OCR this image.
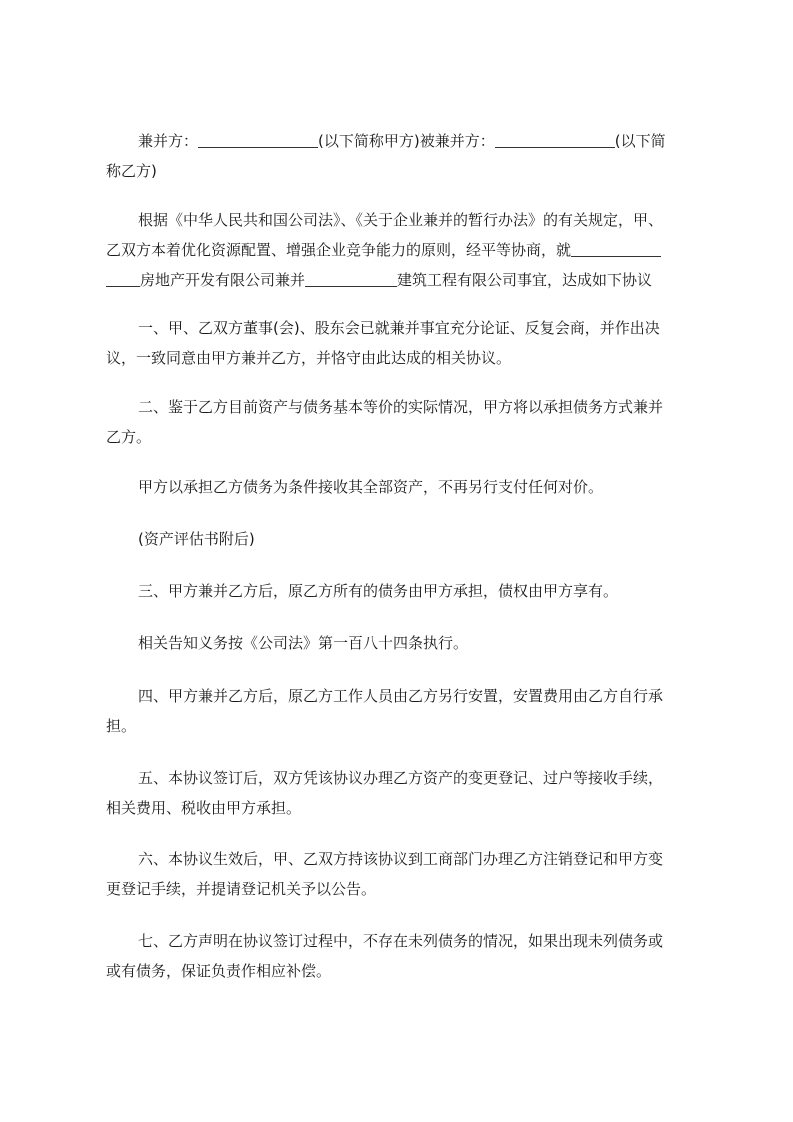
兼并方：	(以下简称甲方)被兼并方：	(以下简
称乙方)
根据《中华人民共和国公司法》、《关于企业兼并的暂行办法》的有关规定，甲、
乙双方本着优化资源配置、增强企业竞争能力的原则，经平等协商，就
房地产开发有限公司兼并	建筑工程有限公司事宜，达成如下协议
一、甲、乙双方董事(会)、股东会已就兼并事宜充分论证、反复会商，并作出决
议，一致同意由甲方兼并乙方，并恪守由此达成的相关协议。
二、鉴于乙方目前资产与债务基本等价的实际情况，甲方将以承担债务方式兼并
乙方。
甲方以承担乙方债务为条件接收其全部资产，不再另行支付任何对价。
(资产评估书附后)
三、甲方兼并乙方后，原乙方所有的债务由甲方承担，债权由甲方享有。
相关告知义务按《公司法》第一百八十四条执行。
四、甲方兼并乙方后，原乙方工作人员由乙方另行安置，安置费用由乙方自行承
担。
五、本协议签订后，双方凭该协议办理乙方资产的变更登记、过户等接收手续，
相关费用、税收由甲方承担。
六、本协议生效后，甲、乙双方持该协议到工商部门办理乙方注销登记和甲方变
更登记手续，并提请登记机关予以公告。
七、乙方声明在协议签订过程中，不存在未列债务的情况，如果出现未列债务或
或有债务，保证负责作相应补偿。
